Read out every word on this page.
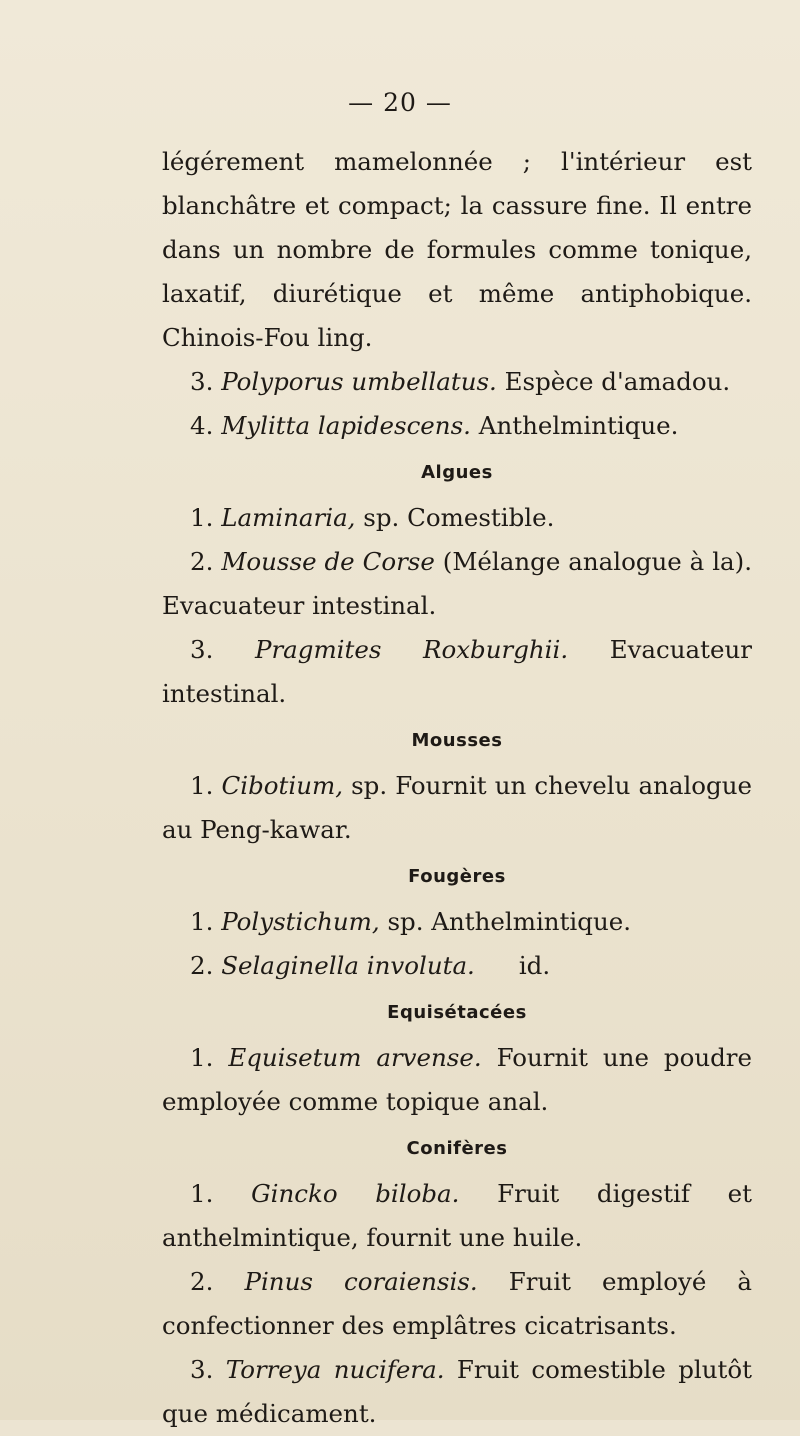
— 20 —

légérement mamelonnée ; l'intérieur est blanchâtre et compact; la cassure fine. Il entre dans un nombre de formules comme tonique, laxatif, diurétique et même antiphobique. Chinois-Fou ling.

3. Polyporus umbellatus. Espèce d'amadou.

4. Mylitta lapidescens. Anthelmintique.

Algues

1. Laminaria, sp. Comestible.

2. Mousse de Corse (Mélange analogue à la). Evacuateur intestinal.

3. Pragmites Roxburghii. Evacuateur intestinal.

Mousses

1. Cibotium, sp. Fournit un chevelu analogue au Peng-kawar.

Fougères

1. Polystichum, sp. Anthelmintique.

2. Selaginella involuta. id.

Equisétacées

1. Equisetum arvense. Fournit une poudre employée comme topique anal.

Conifères

1. Gincko biloba. Fruit digestif et anthelmintique, fournit une huile.

2. Pinus coraiensis. Fruit employé à confectionner des emplâtres cicatrisants.

3. Torreya nucifera. Fruit comestible plutôt que médicament.
